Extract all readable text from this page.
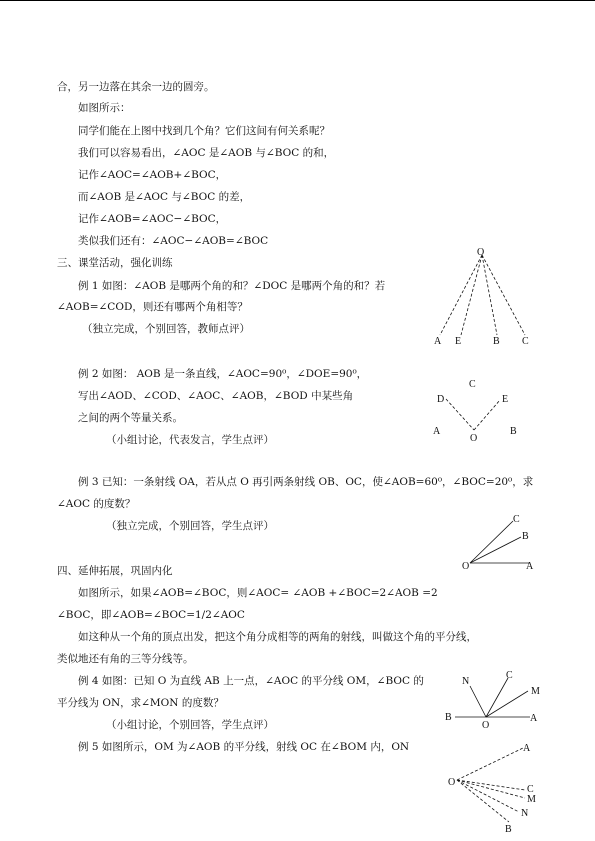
合，另一边落在其余一边的圆旁。
如图所示：
同学们能在上图中找到几个角？它们这间有何关系呢？
我们可以容易看出，∠AOC 是∠AOB 与∠BOC 的和，
记作∠AOC=∠AOB+∠BOC，
而∠AOB 是∠AOC 与∠BOC 的差，
记作∠AOB=∠AOC−∠BOC，
类似我们还有：∠AOC−∠AOB=∠BOC
三、课堂活动，强化训练
例 1 如图：∠AOB 是哪两个角的和？∠DOC 是哪两个角的和？若
∠AOB=∠COD，则还有哪两个角相等？
（独立完成，个别回答，教师点评）
例 2 如图： AOB 是一条直线，∠AOC=90⁰，∠DOE=90⁰，
写出∠AOD、∠COD、∠AOC、∠AOB，∠BOD 中某些角
之间的两个等量关系。
（小组讨论，代表发言，学生点评）
例 3 已知：一条射线 OA，若从点 O 再引两条射线 OB、OC，使∠AOB=60⁰，∠BOC=20⁰，求
∠AOC 的度数？
（独立完成，个别回答，学生点评）
四、延伸拓展，巩固内化
如图所示，如果∠AOB=∠BOC，则∠AOC= ∠AOB +∠BOC=2∠AOB =2
∠BOC，即∠AOB=∠BOC=1/2∠AOC
如这种从一个角的顶点出发，把这个角分成相等的两角的射线，叫做这个角的平分线，
类似地还有角的三等分线等。
例 4 如图：已知 O 为直线 AB 上一点，∠AOC 的平分线 OM，∠BOC 的
平分线为 ON，求∠MON 的度数？
（小组讨论，个别回答，学生点评）
例 5 如图所示，OM 为∠AOB 的平分线，射线 OC 在∠BOM 内，ON
O
A E	B C
C
D	E
A
O
B
C
B
O	A
N
C
M
B
O
A
A
O
C
M
N
B
